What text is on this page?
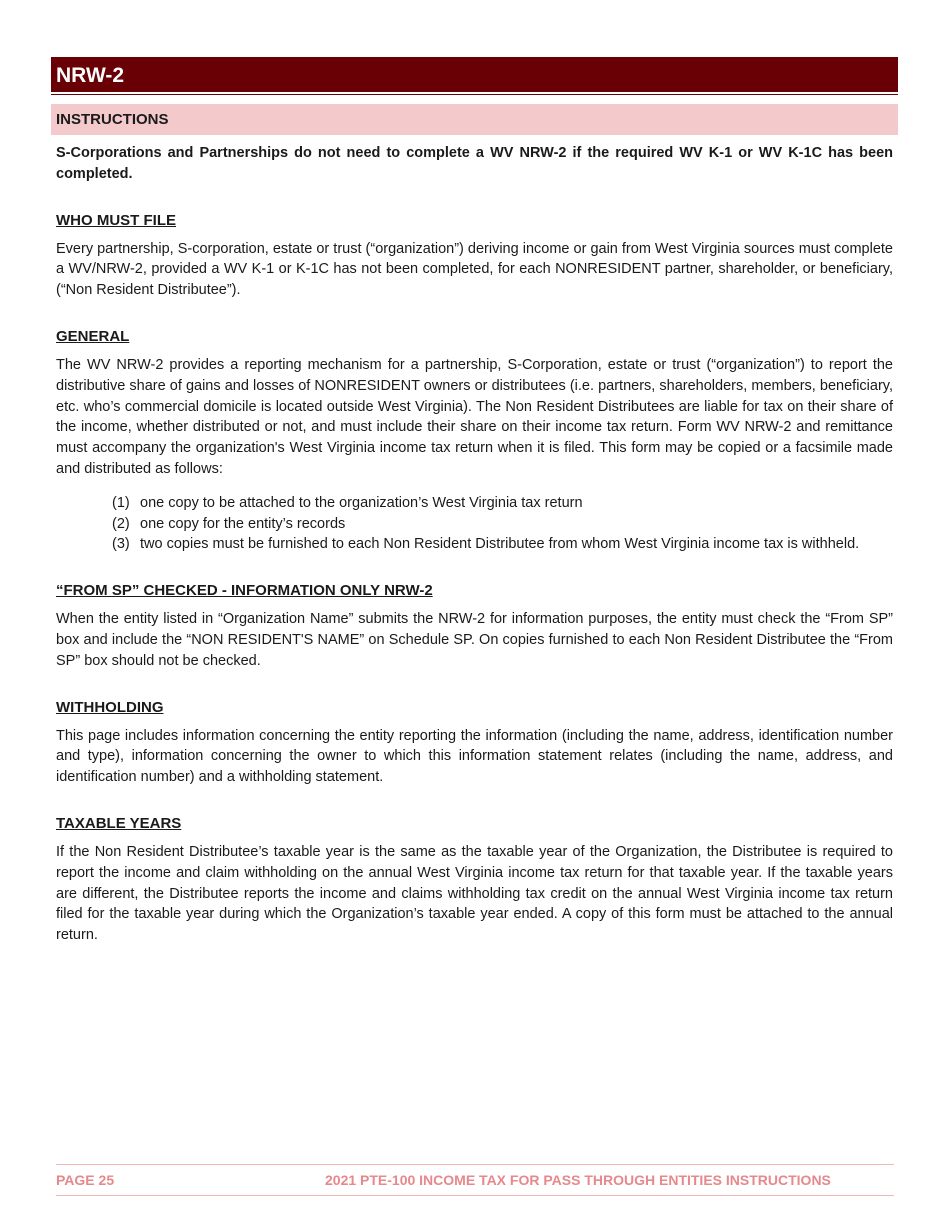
NRW-2
INSTRUCTIONS

S-Corporations and Partnerships do not need to complete a WV NRW-2 if the required WV K-1 or WV K-1C has been completed.

WHO MUST FILE

Every partnership, S-corporation, estate or trust (“organization”) deriving income or gain from West Virginia sources must complete a WV/NRW-2, provided a WV K-1 or K-1C has not been completed, for each NONRESIDENT partner, shareholder, or beneficiary, (“Non Resident Distributee”).

GENERAL

The WV NRW-2 provides a reporting mechanism for a partnership, S-Corporation, estate or trust (“organization”) to report the distributive share of gains and losses of NONRESIDENT owners or distributees (i.e. partners, shareholders, members, beneficiary, etc. who’s commercial domicile is located outside West Virginia). The Non Resident Distributees are liable for tax on their share of the income, whether distributed or not, and must include their share on their income tax return. Form WV NRW-2 and remittance must accompany the organization's West Virginia income tax return when it is filed. This form may be copied or a facsimile made and distributed as follows:

(1) one copy to be attached to the organization’s West Virginia tax return
(2) one copy for the entity’s records
(3) two copies must be furnished to each Non Resident Distributee from whom West Virginia income tax is withheld.
“FROM SP” CHECKED - INFORMATION ONLY NRW-2

When the entity listed in “Organization Name” submits the NRW-2 for information purposes, the entity must check the “From SP” box and include the “NON RESIDENT'S NAME” on Schedule SP. On copies furnished to each Non Resident Distributee the “From SP” box should not be checked.

WITHHOLDING

This page includes information concerning the entity reporting the information (including the name, address, identification number and type), information concerning the owner to which this information statement relates (including the name, address, and identification number) and a withholding statement.

TAXABLE YEARS

If the Non Resident Distributee’s taxable year is the same as the taxable year of the Organization, the Distributee is required to report the income and claim withholding on the annual West Virginia income tax return for that taxable year. If the taxable years are different, the Distributee reports the income and claims withholding tax credit on the annual West Virginia income tax return filed for the taxable year during which the Organization’s taxable year ended. A copy of this form must be attached to the annual return.

PAGE 25	2021 PTE-100 INCOME TAX FOR PASS THROUGH ENTITIES INSTRUCTIONS
